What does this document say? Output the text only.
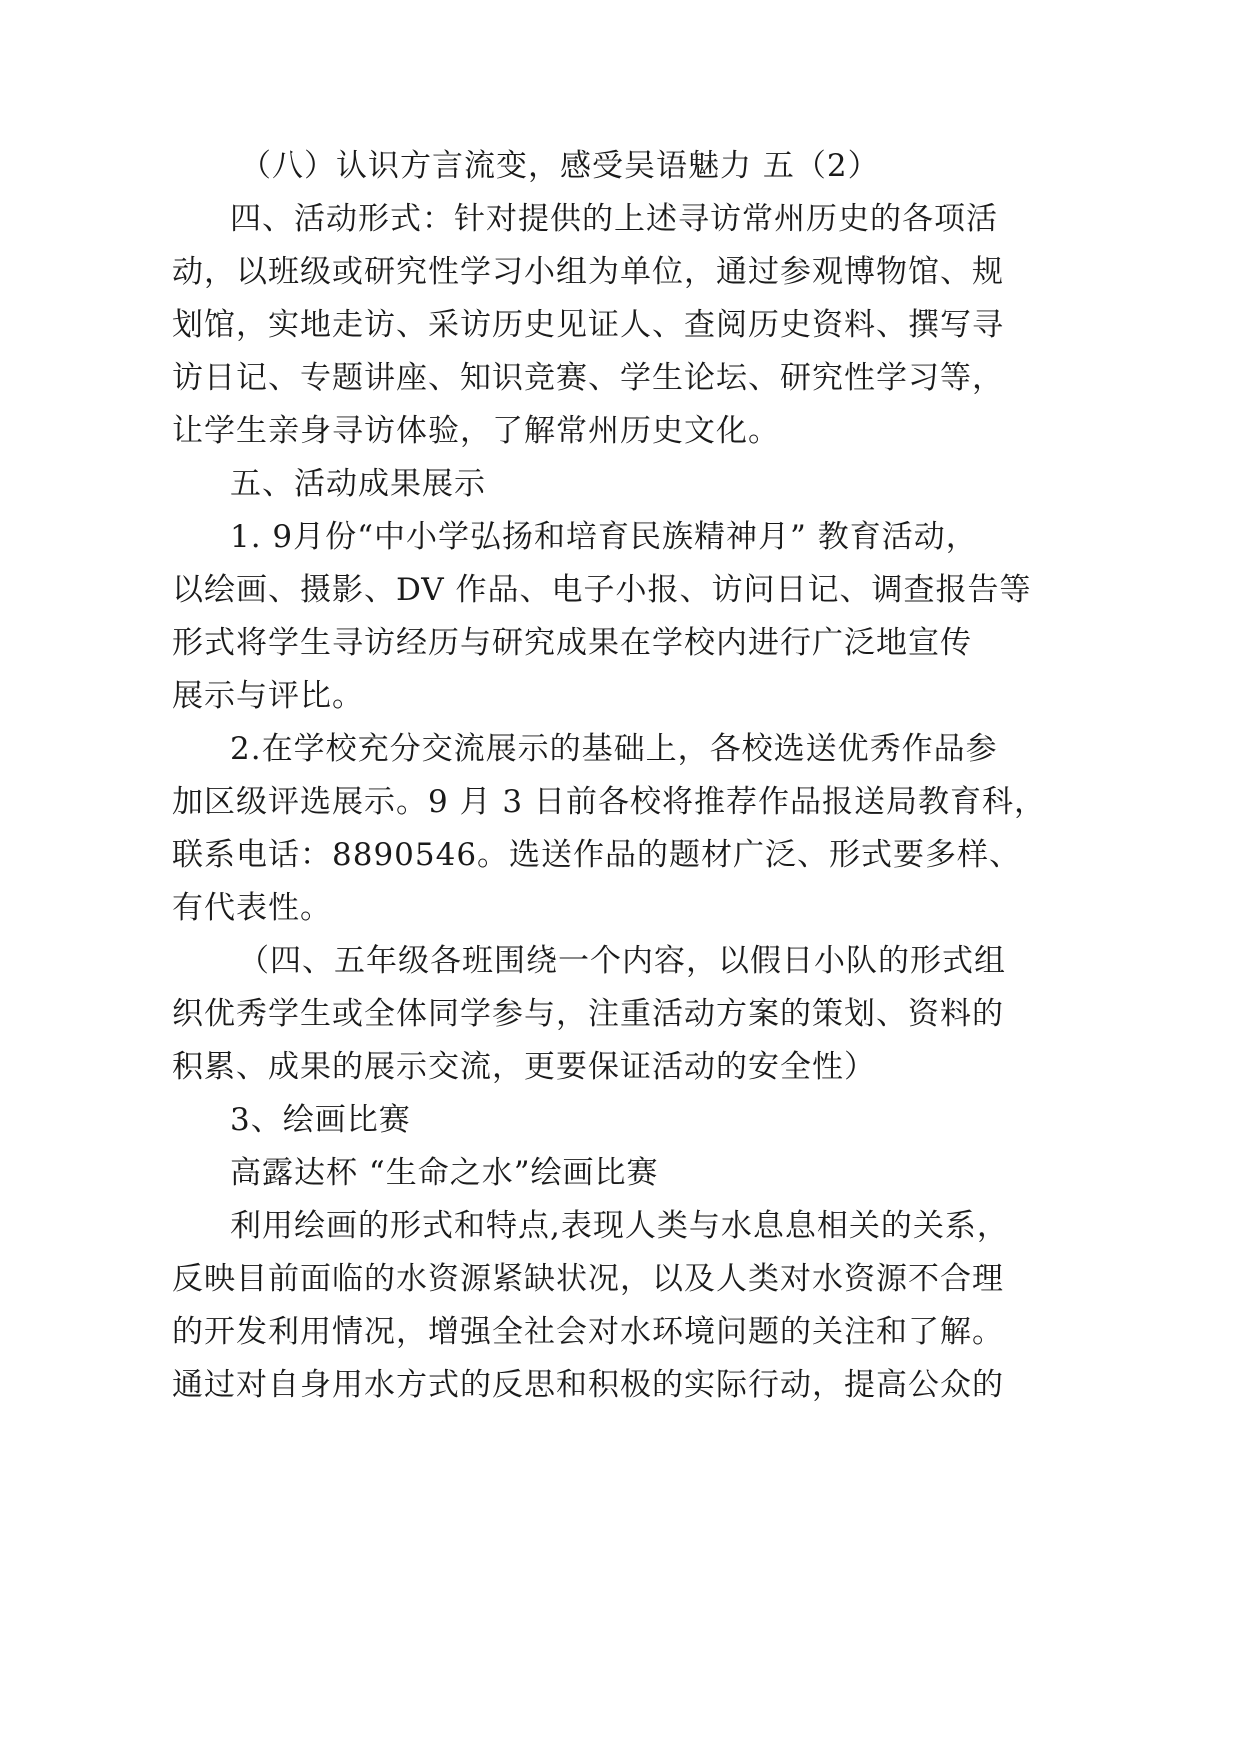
（八）认识方言流变，感受吴语魅力 五（2）
四、活动形式：针对提供的上述寻访常州历史的各项活
动，以班级或研究性学习小组为单位，通过参观博物馆、规
划馆，实地走访、采访历史见证人、查阅历史资料、撰写寻
访日记、专题讲座、知识竞赛、学生论坛、研究性学习等，
让学生亲身寻访体验，了解常州历史文化。
五、活动成果展示
1. 9月份“中小学弘扬和培育民族精神月” 教育活动，
以绘画、摄影、DV 作品、电子小报、访问日记、调查报告等
形式将学生寻访经历与研究成果在学校内进行广泛地宣传
展示与评比。
2.在学校充分交流展示的基础上，各校选送优秀作品参
加区级评选展示。9 月 3 日前各校将推荐作品报送局教育科，
联系电话：8890546。选送作品的题材广泛、形式要多样、
有代表性。
（四、五年级各班围绕一个内容，以假日小队的形式组
织优秀学生或全体同学参与，注重活动方案的策划、资料的
积累、成果的展示交流，更要保证活动的安全性）
3、绘画比赛
高露达杯 “生命之水”绘画比赛
利用绘画的形式和特点,表现人类与水息息相关的关系，
反映目前面临的水资源紧缺状况，以及人类对水资源不合理
的开发利用情况，增强全社会对水环境问题的关注和了解。
通过对自身用水方式的反思和积极的实际行动，提高公众的
